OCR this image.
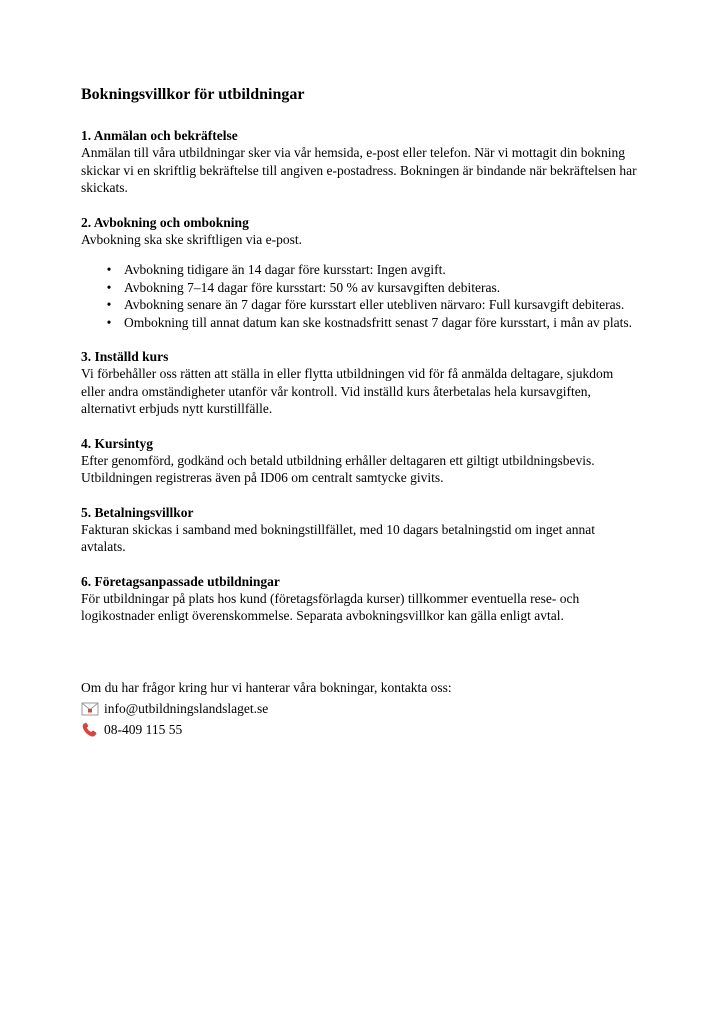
Bokningsvillkor för utbildningar
1. Anmälan och bekräftelse

Anmälan till våra utbildningar sker via vår hemsida, e-post eller telefon. När vi mottagit din bokning skickar vi en skriftlig bekräftelse till angiven e-postadress. Bokningen är bindande när bekräftelsen har skickats.

2. Avbokning och ombokning

Avbokning ska ske skriftligen via e-post.

• Avbokning tidigare än 14 dagar före kursstart: Ingen avgift.
• Avbokning 7–14 dagar före kursstart: 50 % av kursavgiften debiteras.
• Avbokning senare än 7 dagar före kursstart eller utebliven närvaro: Full kursavgift debiteras.
• Ombokning till annat datum kan ske kostnadsfritt senast 7 dagar före kursstart, i mån av plats.
3. Inställd kurs

Vi förbehåller oss rätten att ställa in eller flytta utbildningen vid för få anmälda deltagare, sjukdom eller andra omständigheter utanför vår kontroll. Vid inställd kurs återbetalas hela kursavgiften, alternativt erbjuds nytt kurstillfälle.

4. Kursintyg

Efter genomförd, godkänd och betald utbildning erhåller deltagaren ett giltigt utbildningsbevis. Utbildningen registreras även på ID06 om centralt samtycke givits.

5. Betalningsvillkor

Fakturan skickas i samband med bokningstillfället, med 10 dagars betalningstid om inget annat avtalats.

6. Företagsanpassade utbildningar

För utbildningar på plats hos kund (företagsförlagda kurser) tillkommer eventuella rese- och logikostnader enligt överenskommelse. Separata avbokningsvillkor kan gälla enligt avtal.

Om du har frågor kring hur vi hanterar våra bokningar, kontakta oss:
info@utbildningslandslaget.se
08-409 115 55
